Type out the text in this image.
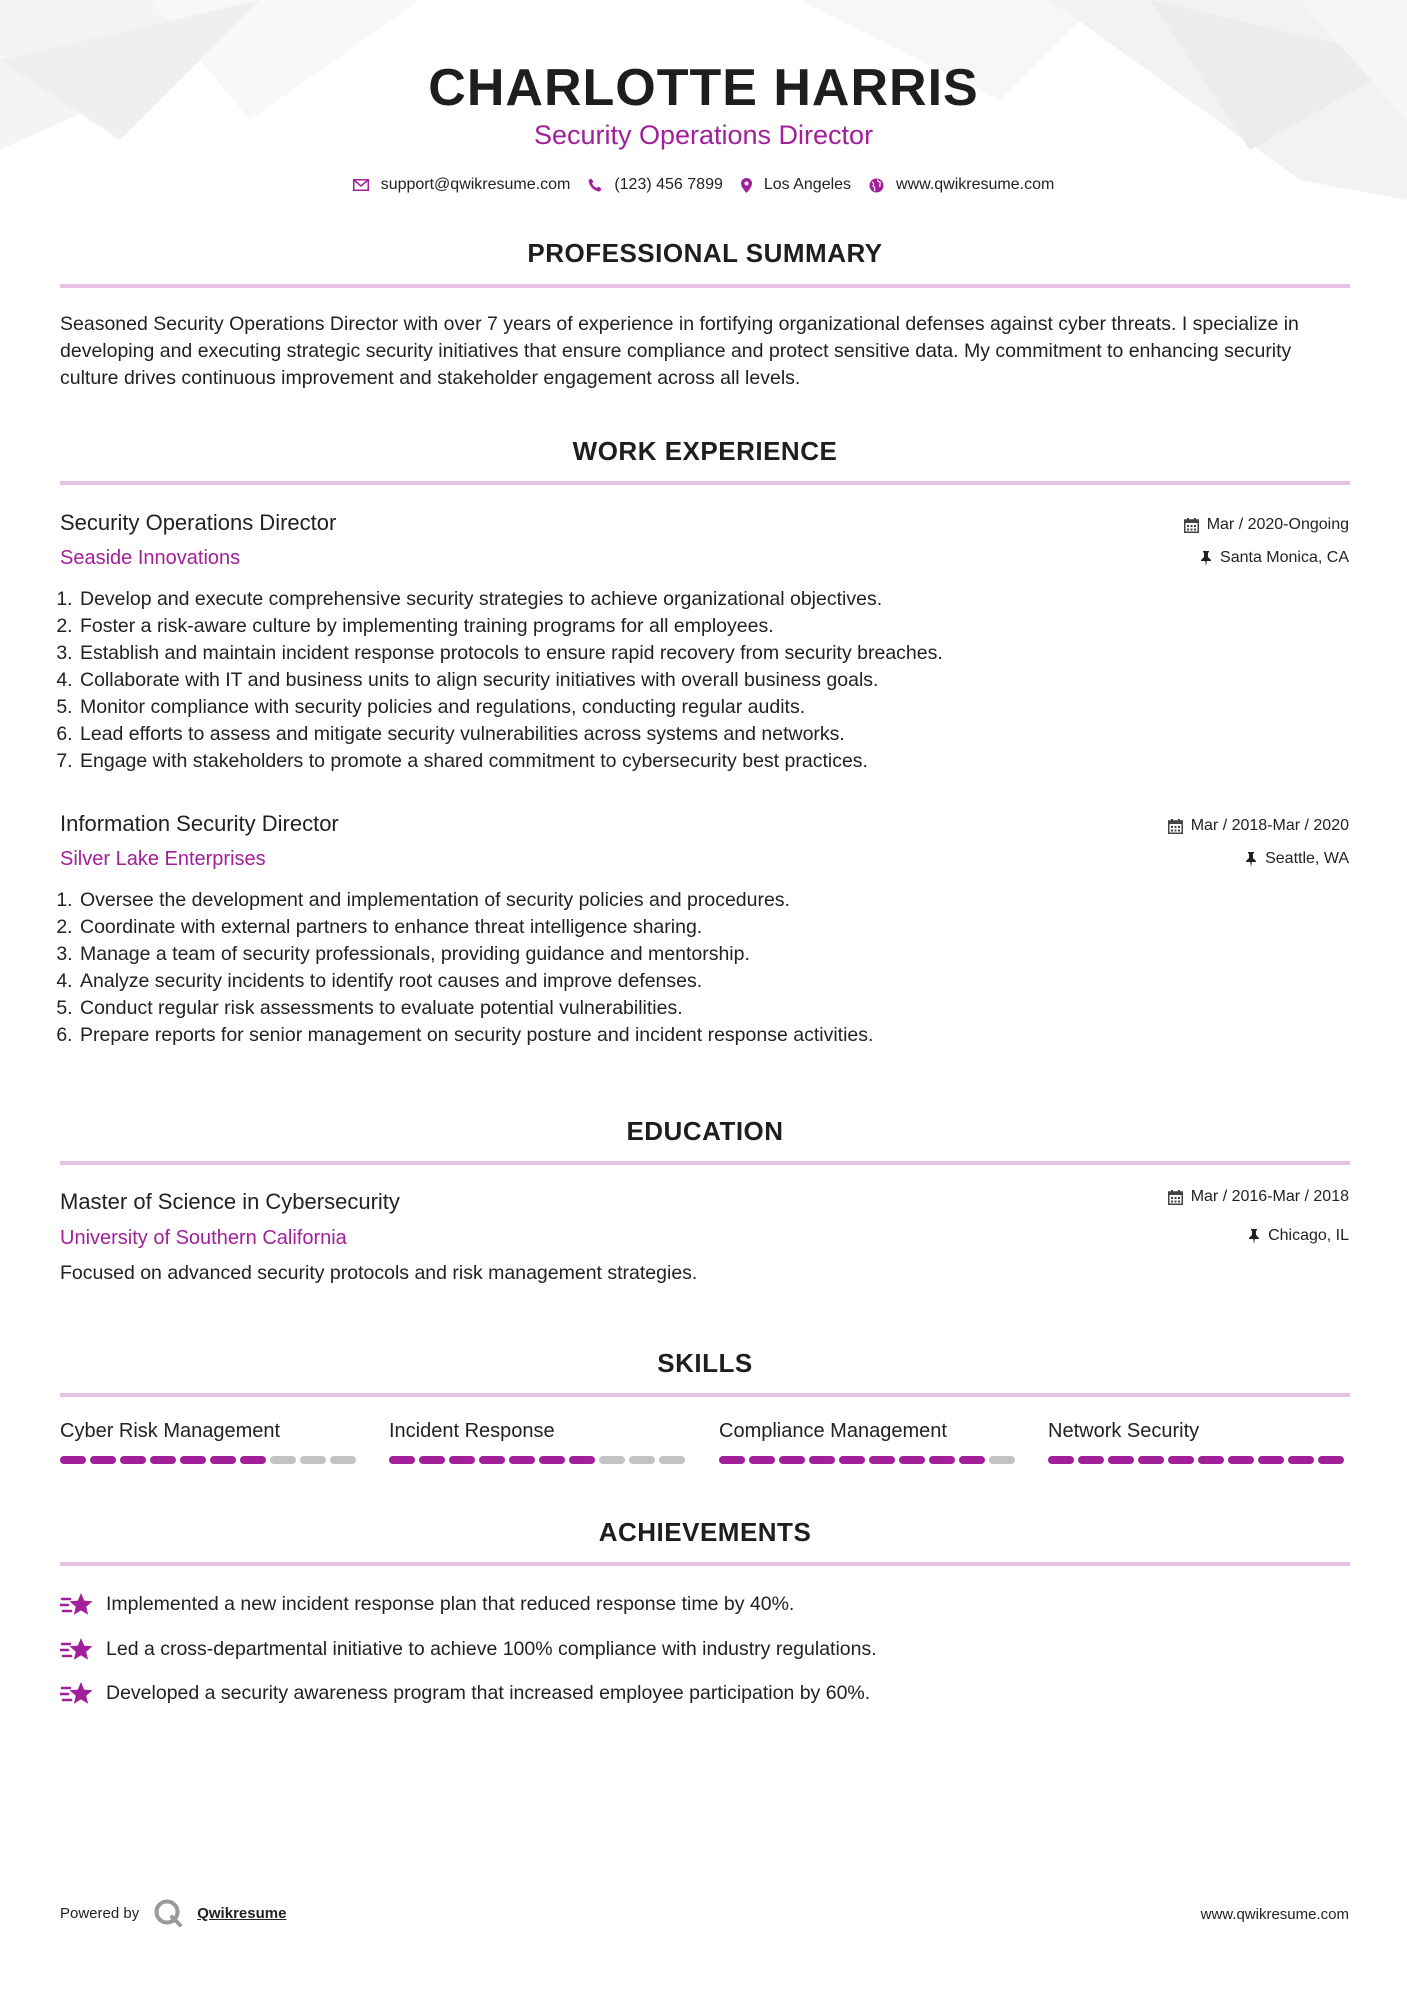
CHARLOTTE HARRIS
Security Operations Director
support@qwikresume.com	(123) 456 7899	Los Angeles	www.qwikresume.com
PROFESSIONAL SUMMARY
Seasoned Security Operations Director with over 7 years of experience in fortifying organizational defenses against cyber threats. I specialize in developing and executing strategic security initiatives that ensure compliance and protect sensitive data. My commitment to enhancing security culture drives continuous improvement and stakeholder engagement across all levels.
WORK EXPERIENCE
Security Operations Director
Seaside Innovations
Mar / 2020-Ongoing
Santa Monica, CA
1. Develop and execute comprehensive security strategies to achieve organizational objectives.
2. Foster a risk-aware culture by implementing training programs for all employees.
3. Establish and maintain incident response protocols to ensure rapid recovery from security breaches.
4. Collaborate with IT and business units to align security initiatives with overall business goals.
5. Monitor compliance with security policies and regulations, conducting regular audits.
6. Lead efforts to assess and mitigate security vulnerabilities across systems and networks.
7. Engage with stakeholders to promote a shared commitment to cybersecurity best practices.
Information Security Director
Silver Lake Enterprises
Mar / 2018-Mar / 2020
Seattle, WA
1. Oversee the development and implementation of security policies and procedures.
2. Coordinate with external partners to enhance threat intelligence sharing.
3. Manage a team of security professionals, providing guidance and mentorship.
4. Analyze security incidents to identify root causes and improve defenses.
5. Conduct regular risk assessments to evaluate potential vulnerabilities.
6. Prepare reports for senior management on security posture and incident response activities.
EDUCATION
Master of Science in Cybersecurity
University of Southern California
Mar / 2016-Mar / 2018
Chicago, IL
Focused on advanced security protocols and risk management strategies.
SKILLS
Cyber Risk Management	Incident Response	Compliance Management	Network Security
ACHIEVEMENTS
Implemented a new incident response plan that reduced response time by 40%.
Led a cross-departmental initiative to achieve 100% compliance with industry regulations.
Developed a security awareness program that increased employee participation by 60%.
Powered by	Qwikresume	www.qwikresume.com
